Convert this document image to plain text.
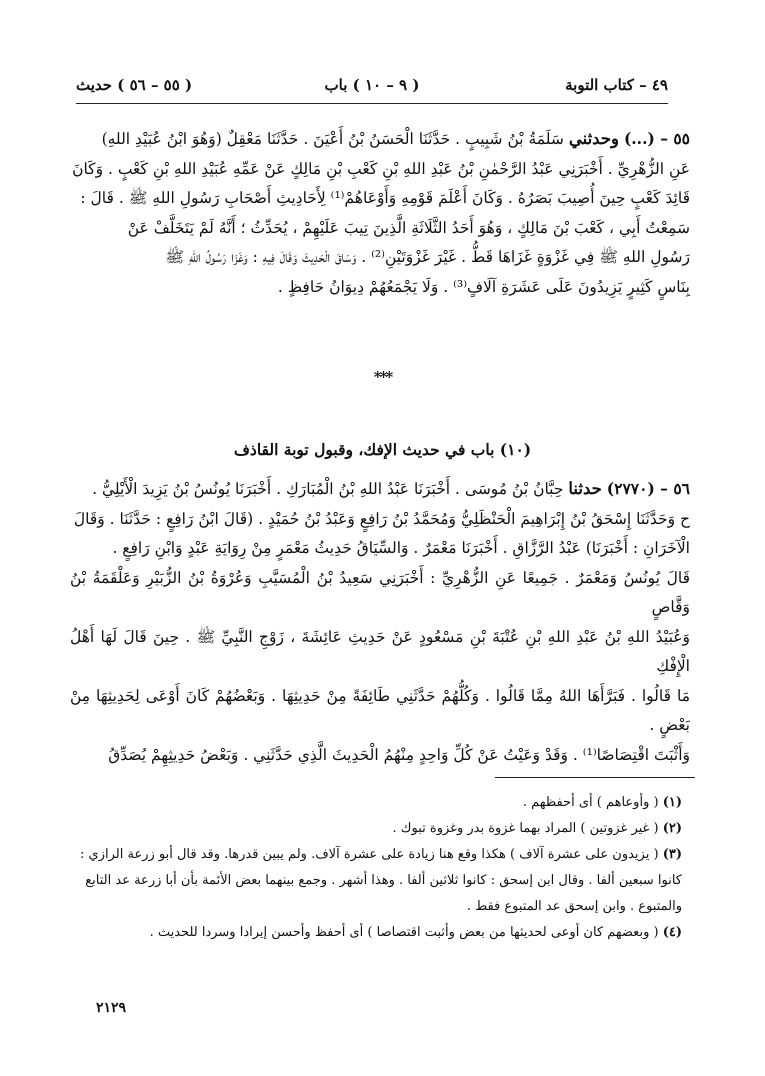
٤٩ – كتاب التوبة
( ٩ – ١٠ ) باب
( ٥٥ – ٥٦ ) حديث

٥٥ – (...) وحدثني سَلَمَةُ بْنُ شَبِيبٍ . حَدَّثَنَا الْحَسَنُ بْنُ أَعْيَنَ . حَدَّثَنَا مَعْقِلٌ (وَهُوَ ابْنُ عُبَيْدِ اللهِ)

عَنِ الزُّهْرِيِّ . أَخْبَرَنِي عَبْدُ الرَّحْمٰنِ بْنُ عَبْدِ اللهِ بْنِ كَعْبِ بْنِ مَالِكٍ عَنْ عَمِّهِ عُبَيْدِ اللهِ بْنِ كَعْبٍ . وَكَانَ

قَائِدَ كَعْبٍ حِينَ أُصِيبَ بَصَرُهُ . وَكَانَ أَعْلَمَ قَوْمِهِ وَأَوْعَاهُمْ⁽¹⁾ لِأَحَادِيثِ أَصْحَابِ رَسُولِ اللهِ ﷺ . قَالَ :

سَمِعْتُ أَبِي ، كَعْبَ بْنَ مَالِكٍ ، وَهُوَ أَحَدُ الثَّلَاثَةِ الَّذِينَ تِيبَ عَلَيْهِمْ ، يُحَدِّثُ ؛ أَنَّهُ لَمْ يَتَخَلَّفْ عَنْ

رَسُولِ اللهِ ﷺ فِي غَزْوَةٍ غَزَاهَا قَطُّ . غَيْرَ غَزْوَتَيْنِ⁽²⁾ . وَسَاقَ الْحَدِيثَ وَقَالَ فِيهِ : وَغَزَا رَسُولُ اللهِ ﷺ

بِنَاسٍ كَثِيرٍ يَزِيدُونَ عَلَى عَشَرَةِ آلَافٍ⁽³⁾ . وَلَا يَجْمَعُهُمْ دِيوَانُ حَافِظٍ .

***
(١٠) باب في حديث الإفك، وقبول توبة القاذف

٥٦ – (٢٧٧٠) حدثنا حِبَّانُ بْنُ مُوسَى . أَخْبَرَنَا عَبْدُ اللهِ بْنُ الْمُبَارَكِ . أَخْبَرَنَا يُونُسُ بْنُ يَزِيدَ الْأَيْلِيُّ .

ح وَحَدَّثَنَا إِسْحَقُ بْنُ إِبْرَاهِيمَ الْحَنْظَلِيُّ وَمُحَمَّدُ بْنُ رَافِعٍ وَعَبْدُ بْنُ حُمَيْدٍ . (قَالَ ابْنُ رَافِعٍ : حَدَّثَنَا . وَقَالَ

الْآخَرَانِ : أَخْبَرَنَا) عَبْدُ الرَّزَّاقِ . أَخْبَرَنَا مَعْمَرٌ . وَالسِّيَاقُ حَدِيثُ مَعْمَرٍ مِنْ رِوَايَةِ عَبْدٍ وَابْنِ رَافِعٍ .

قَالَ يُونُسُ وَمَعْمَرٌ . جَمِيعًا عَنِ الزُّهْرِيِّ : أَخْبَرَنِي سَعِيدُ بْنُ الْمُسَيَّبِ وَعُرْوَةُ بْنُ الزُّبَيْرِ وَعَلْقَمَةُ بْنُ وَقَّاصٍ

وَعُبَيْدُ اللهِ بْنُ عَبْدِ اللهِ بْنِ عُتْبَةَ بْنِ مَسْعُودٍ عَنْ حَدِيثِ عَائِشَةَ ، زَوْجِ النَّبِيِّ ﷺ . حِينَ قَالَ لَهَا أَهْلُ الْإِفْكِ

مَا قَالُوا . فَبَرَّأَهَا اللهُ مِمَّا قَالُوا . وَكُلُّهُمْ حَدَّثَنِي طَائِفَةً مِنْ حَدِيثِهَا . وَبَعْضُهُمْ كَانَ أَوْعَى لِحَدِيثِهَا مِنْ بَعْضٍ .

وَأَثْبَتَ اقْتِصَاصًا⁽¹⁾ . وَقَدْ وَعَيْتُ عَنْ كُلِّ وَاحِدٍ مِنْهُمُ الْحَدِيثَ الَّذِي حَدَّثَنِي . وَبَعْضُ حَدِيثِهِمْ يُصَدِّقُ

(١) ( وأوعاهم ) أى أحفظهم .

(٢) ( غير غزوتين ) المراد بهما غزوة بدر وغزوة تبوك .

(٣) ( يزيدون على عشرة آلاف ) هكذا وقع هنا زيادة على عشرة آلاف. ولم يبين قدرها. وقد قال أبو زرعة الرازي :

كانوا سبعين ألفا . وقال ابن إسحق : كانوا ثلاثين ألفا . وهذا أشهر . وجمع بينهما بعض الأئمة بأن أبا زرعة عد التابع

والمتبوع . وابن إسحق عد المتبوع فقط .

(٤) ( وبعضهم كان أوعى لحديثها من بعض وأثبت اقتصاصا ) أى أحفظ وأحسن إيرادا وسردا للحديث .

٢١٢٩
